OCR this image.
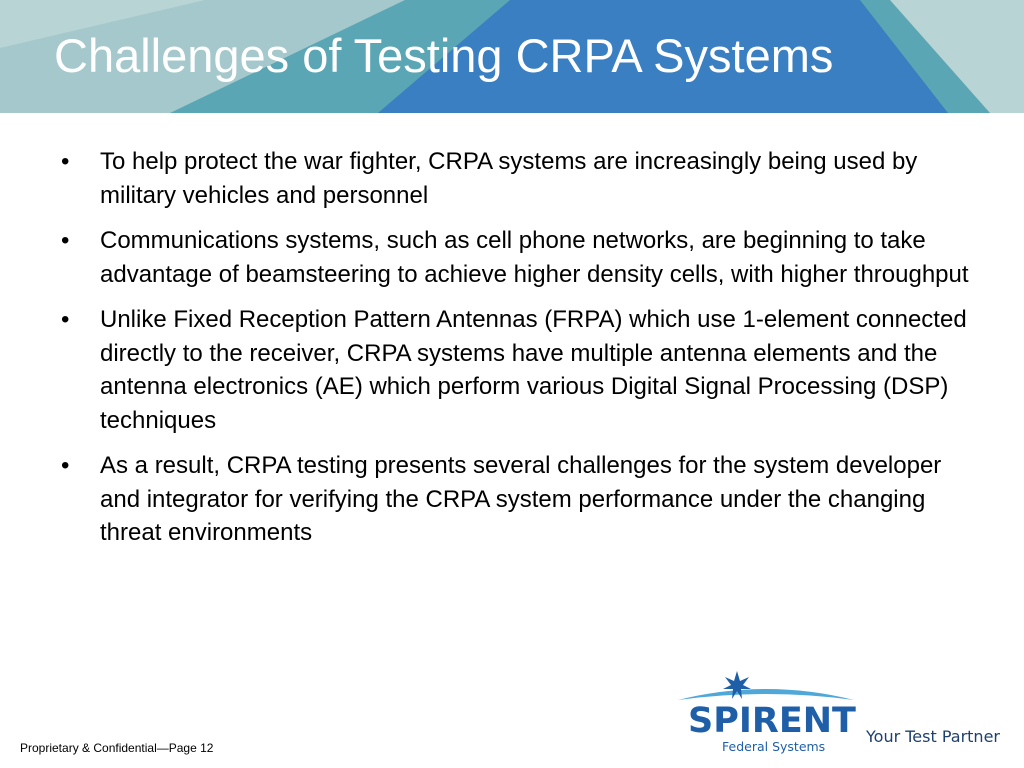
Challenges of Testing CRPA Systems
• To help protect the war fighter, CRPA systems are increasingly being used by military vehicles and personnel
• Communications systems, such as cell phone networks, are beginning to take advantage of beamsteering to achieve higher density cells, with higher throughput
• Unlike Fixed Reception Pattern Antennas (FRPA) which use 1-element connected directly to the receiver, CRPA systems have multiple antenna elements and the antenna electronics (AE) which perform various Digital Signal Processing (DSP) techniques
• As a result, CRPA testing presents several challenges for the system developer and integrator for verifying the CRPA system performance under the changing threat environments
Proprietary & Confidential—Page 12
SPIRENT
Federal Systems
Your Test Partner
